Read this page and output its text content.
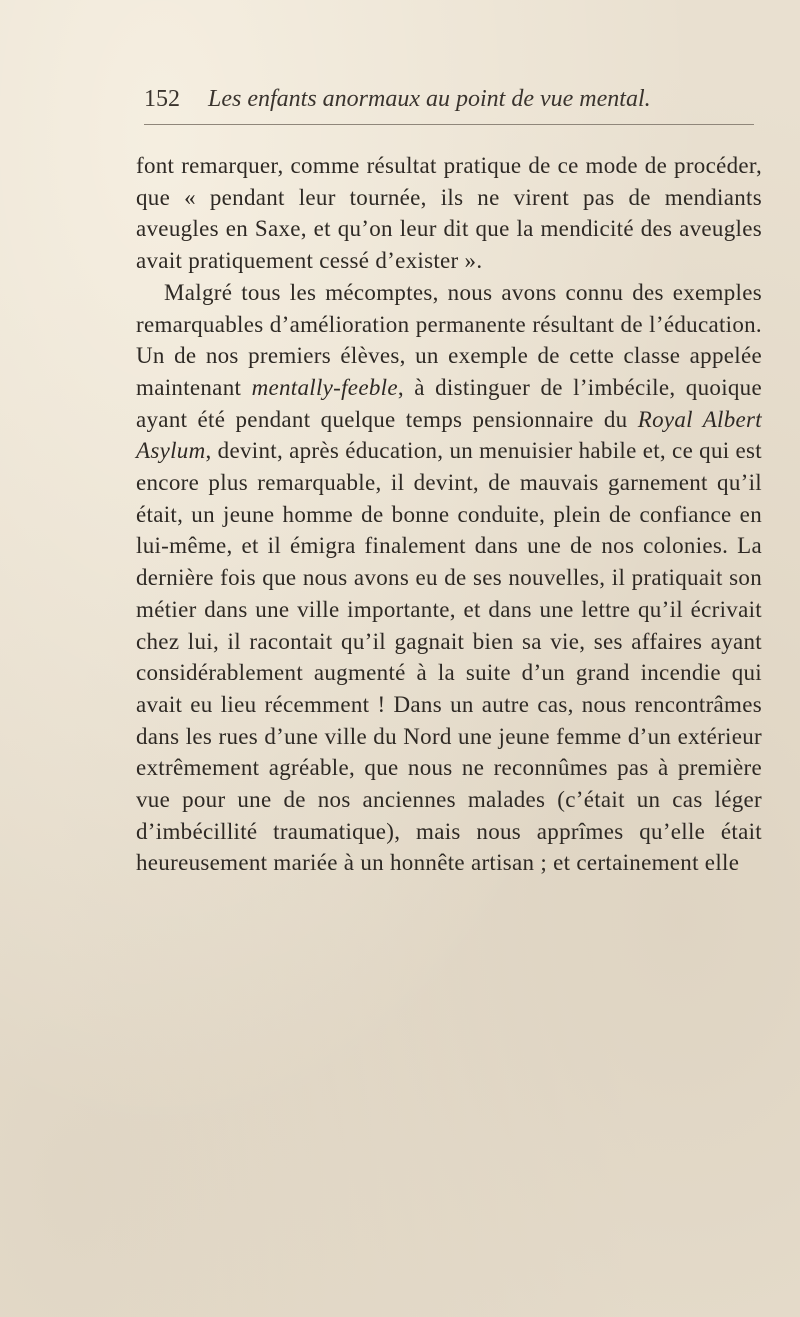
152 Les enfants anormaux au point de vue mental.

font remarquer, comme résultat pratique de ce mode de procéder, que « pendant leur tournée, ils ne virent pas de mendiants aveugles en Saxe, et qu’on leur dit que la mendicité des aveugles avait pratiquement cessé d’exister ».

Malgré tous les mécomptes, nous avons connu des exemples remarquables d’amélioration permanente résultant de l’éducation. Un de nos premiers élèves, un exemple de cette classe appelée maintenant mentally-feeble, à distinguer de l’imbécile, quoique ayant été pendant quelque temps pensionnaire du Royal Albert Asylum, devint, après éducation, un menuisier habile et, ce qui est encore plus remarquable, il devint, de mauvais garnement qu’il était, un jeune homme de bonne conduite, plein de confiance en lui-même, et il émigra finalement dans une de nos colonies. La dernière fois que nous avons eu de ses nouvelles, il pratiquait son métier dans une ville importante, et dans une lettre qu’il écrivait chez lui, il racontait qu’il gagnait bien sa vie, ses affaires ayant considérablement augmenté à la suite d’un grand incendie qui avait eu lieu récemment ! Dans un autre cas, nous rencontrâmes dans les rues d’une ville du Nord une jeune femme d’un extérieur extrêmement agréable, que nous ne reconnûmes pas à première vue pour une de nos anciennes malades (c’était un cas léger d’imbécillité traumatique), mais nous apprîmes qu’elle était heureusement mariée à un honnête artisan ; et certainement elle
